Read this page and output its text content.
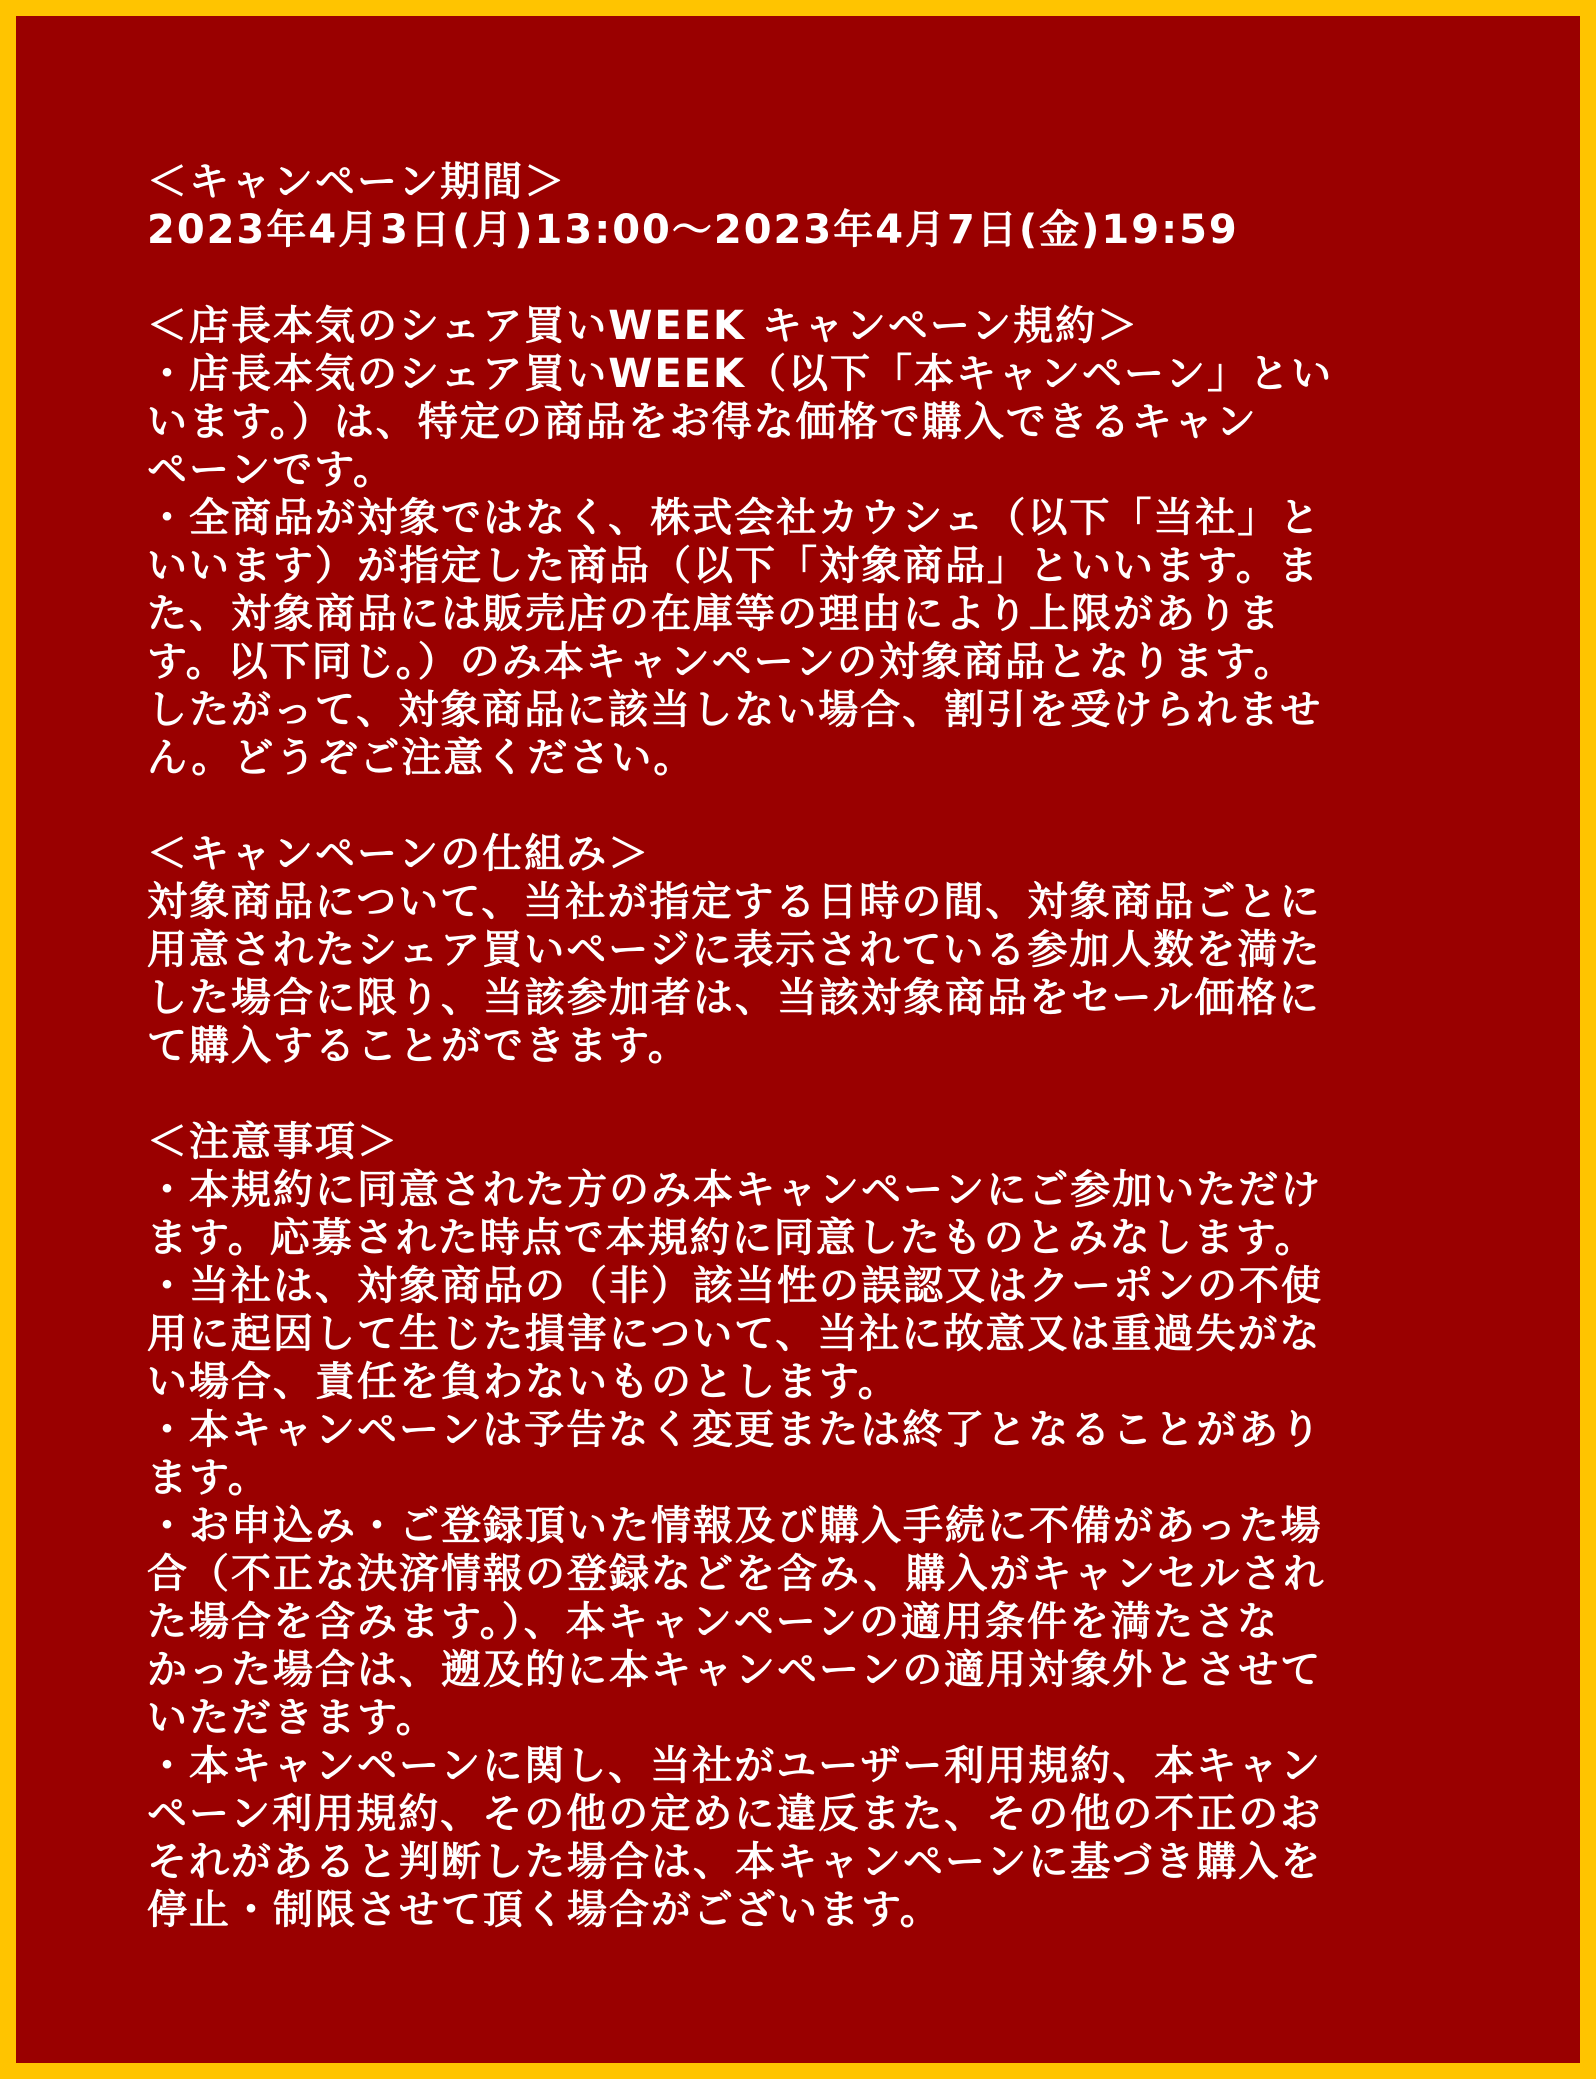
＜キャンペーン期間＞
2023年4月3日(月)13:00～2023年4月7日(金)19:59
＜店長本気のシェア買いWEEK キャンペーン規約＞
・店長本気のシェア買いWEEK（以下「本キャンペーン」とい
います。）は、特定の商品をお得な価格で購入できるキャン
ペーンです。
・全商品が対象ではなく、株式会社カウシェ（以下「当社」と
いいます）が指定した商品（以下「対象商品」といいます。ま
た、対象商品には販売店の在庫等の理由により上限がありま
す。以下同じ。）のみ本キャンペーンの対象商品となります。
したがって、対象商品に該当しない場合、割引を受けられませ
ん。どうぞご注意ください。
＜キャンペーンの仕組み＞
対象商品について、当社が指定する日時の間、対象商品ごとに
用意されたシェア買いページに表示されている参加人数を満た
した場合に限り、当該参加者は、当該対象商品をセール価格に
て購入することができます。
＜注意事項＞
・本規約に同意された方のみ本キャンペーンにご参加いただけ
ます。応募された時点で本規約に同意したものとみなします。
・当社は、対象商品の（非）該当性の誤認又はクーポンの不使
用に起因して生じた損害について、当社に故意又は重過失がな
い場合、責任を負わないものとします。
・本キャンペーンは予告なく変更または終了となることがあり
ます。
・お申込み・ご登録頂いた情報及び購入手続に不備があった場
合（不正な決済情報の登録などを含み、購入がキャンセルされ
た場合を含みます。）、本キャンペーンの適用条件を満たさな
かった場合は、遡及的に本キャンペーンの適用対象外とさせて
いただきます。
・本キャンペーンに関し、当社がユーザー利用規約、本キャン
ペーン利用規約、その他の定めに違反また、その他の不正のお
それがあると判断した場合は、本キャンペーンに基づき購入を
停止・制限させて頂く場合がございます。
